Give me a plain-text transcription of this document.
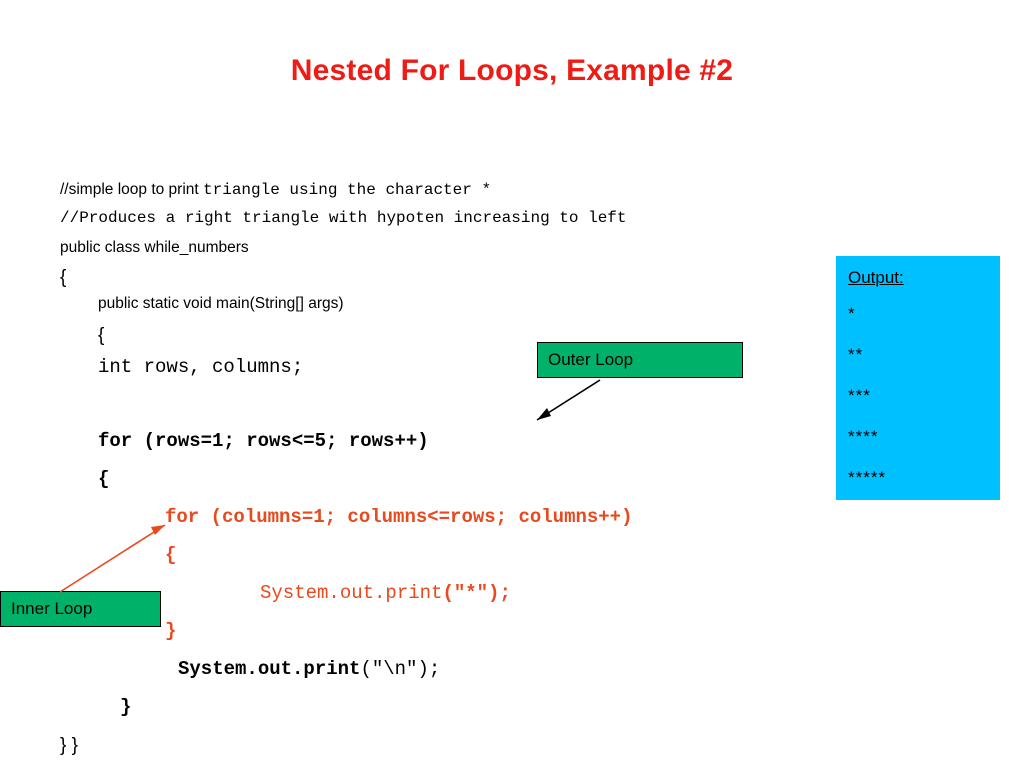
Nested For Loops, Example #2
//simple loop to print triangle using the character *
//Produces a right triangle with hypoten increasing to left
public class while_numbers
{
public static void main(String[] args)
{
int rows, columns;
for (rows=1; rows<=5; rows++)
{
for (columns=1; columns<=rows; columns++)
{
System.out.print("*");
}
System.out.print("\n");
}
} }
Output:
*
**
***
****
*****
Outer Loop
Inner Loop
